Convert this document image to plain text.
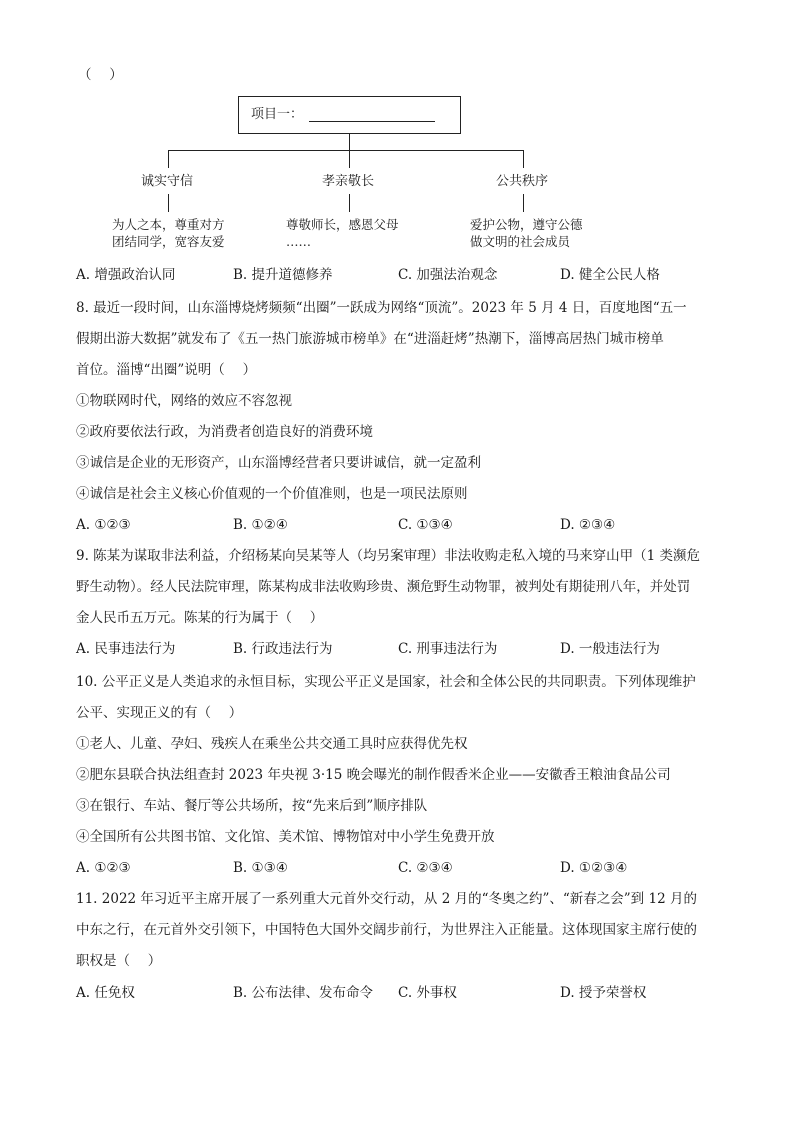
（　 ）
项目一：
诚实守信	孝亲敬长	公共秩序
为人之本，尊重对方
团结同学，宽容友爱
尊敬师长，感恩父母
……
爱护公物，遵守公德
做文明的社会成员
A. 增强政治认同	B. 提升道德修养	C. 加强法治观念	D. 健全公民人格
8. 最近一段时间，山东淄博烧烤频频“出圈”一跃成为网络“顶流”。2023 年 5 月 4 日，百度地图“五一
假期出游大数据”就发布了《五一热门旅游城市榜单》在“进淄赶烤”热潮下，淄博高居热门城市榜单
首位。淄博“出圈”说明（　 ）
①物联网时代，网络的效应不容忽视
②政府要依法行政，为消费者创造良好的消费环境
③诚信是企业的无形资产，山东淄博经营者只要讲诚信，就一定盈利
④诚信是社会主义核心价值观的一个价值准则，也是一项民法原则
A. ①②③	B. ①②④	C. ①③④	D. ②③④
9. 陈某为谋取非法利益，介绍杨某向吴某等人（均另案审理）非法收购走私入境的马来穿山甲（1 类濒危
野生动物）。经人民法院审理，陈某构成非法收购珍贵、濒危野生动物罪，被判处有期徒刑八年，并处罚
金人民币五万元。陈某的行为属于（　 ）
A. 民事违法行为	B. 行政违法行为	C. 刑事违法行为	D. 一般违法行为
10. 公平正义是人类追求的永恒目标，实现公平正义是国家，社会和全体公民的共同职责。下列体现维护
公平、实现正义的有（　 ）
①老人、儿童、孕妇、残疾人在乘坐公共交通工具时应获得优先权
②肥东县联合执法组查封 2023 年央视 3·15 晚会曝光的制作假香米企业——安徽香王粮油食品公司
③在银行、车站、餐厅等公共场所，按“先来后到”顺序排队
④全国所有公共图书馆、文化馆、美术馆、博物馆对中小学生免费开放
A. ①②③	B. ①③④	C. ②③④	D. ①②③④
11. 2022 年习近平主席开展了一系列重大元首外交行动，从 2 月的“冬奥之约”、“新春之会”到 12 月的
中东之行，在元首外交引领下，中国特色大国外交阔步前行，为世界注入正能量。这体现国家主席行使的
职权是（　 ）
A. 任免权	B. 公布法律、发布命令 C. 外事权	D. 授予荣誉权
